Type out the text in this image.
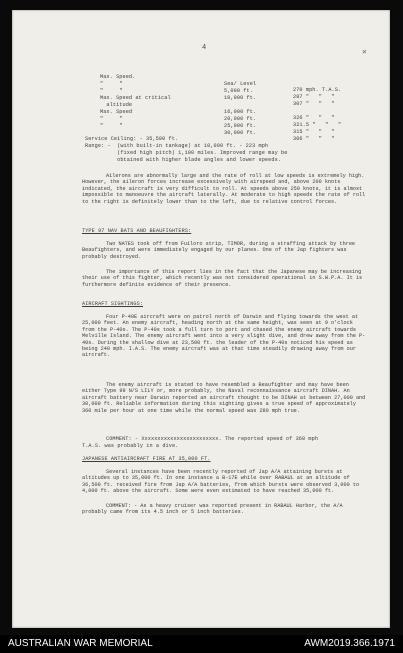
4	✕

Max. Speed.

Sea/ Level

270 mph. T.A.S.

"     "

5,000 ft.

287 "   "   "

"     "

10,000 ft.

307 "   "   "

Max. Speed at critical

altitude

16,000 ft.

326 "   "   "

Max. Speed

20,000 ft.

321.5 "   "   "

"     "

25,000 ft.

315 "   "   "

"     "

30,000 ft.

306 "   "   "

Service Ceiling: - 35,500 ft.
Range: -  (with built-in tankage) at 10,000 ft. - 223 mph
(fixed high pitch) 1,100 miles. Improved range may be
obtained with higher blade angles and lower speeds.
Ailerons are abnormally large and the rate of roll at low speeds is extremely high. However, the aileron forces increase excessively with airspeed and, above 200 knots indicated, the aircraft is very difficult to roll. At speeds above 250 knots, it is almost impossible to manoeuvre the aircraft laterally. At moderate to high speeds the rate of roll to the right is definitely lower than to the left, due to relative control forces.
TYPE 97 NAV BATS AND BEAUFIGHTERS:
Two NATES took off from Fuiloro strip, TIMOR, during a straffing attack by three Beaufighters, and were immediately engaged by our planes. One of the Jap fighters was probably destroyed.
The importance of this report lies in the fact that the Japanese may be increasing their use of this fighter, which recently was not considered operational in S.W.P.A. It is furthermore definite evidence of their presence.
AIRCRAFT SIGHTINGS:
Four P-40E aircraft were on patrol north of Darwin and flying towards the west at 25,000 feet. An enemy aircraft, heading north at the same height, was seen at 9 o'clock from the P-40s. The P-40s took a full turn to port and chased the enemy aircraft towards Melville Island. The enemy aircraft went into a very slight dive, and drew away from the P-40s. During the shallow dive at 23,500 ft. the leader of the P-40s noticed his speed as being 240 mph. I.A.S. The enemy aircraft was at that time steadily drawing away from our aircraft.
The enemy aircraft is stated to have resembled a Beaufighter and may have been either Type 99 N/S LILY or, more probably, the Naval reconnaissance aircraft DINAH. An aircraft battery near Darwin reported an aircraft thought to be DINAH at between 27,000 and 30,000 ft. Reliable information during this sighting gives a true speed of approximately 360 mile per hour at one time while the normal speed was 280 mph true.
COMMENT: - Xxxxxxxxxxxxxxxxxxxxxxxx. The reported speed of 360 mph
T.A.S. was probably in a dive.
JAPANESE ANTIAIRCRAFT FIRE AT 35,000 FT.
Several instances have been recently reported of Jap A/A attaining bursts at altitudes up to 35,000 ft. In one instance a B-17E while over RABAUL at an altitude of 36,500 ft. received fire from Jap A/A batteries, from which bursts were observed 3,000 to 4,000 ft. above the aircraft. Some were even estimated to have reached 35,000 ft.
COMMENT: - As a heavy cruiser was reported present in RABAUL Harbor, the A/A probably came from its 4.5 inch or 5 inch batteries.
AUSTRALIAN WAR MEMORIAL	AWM2019.366.1971
